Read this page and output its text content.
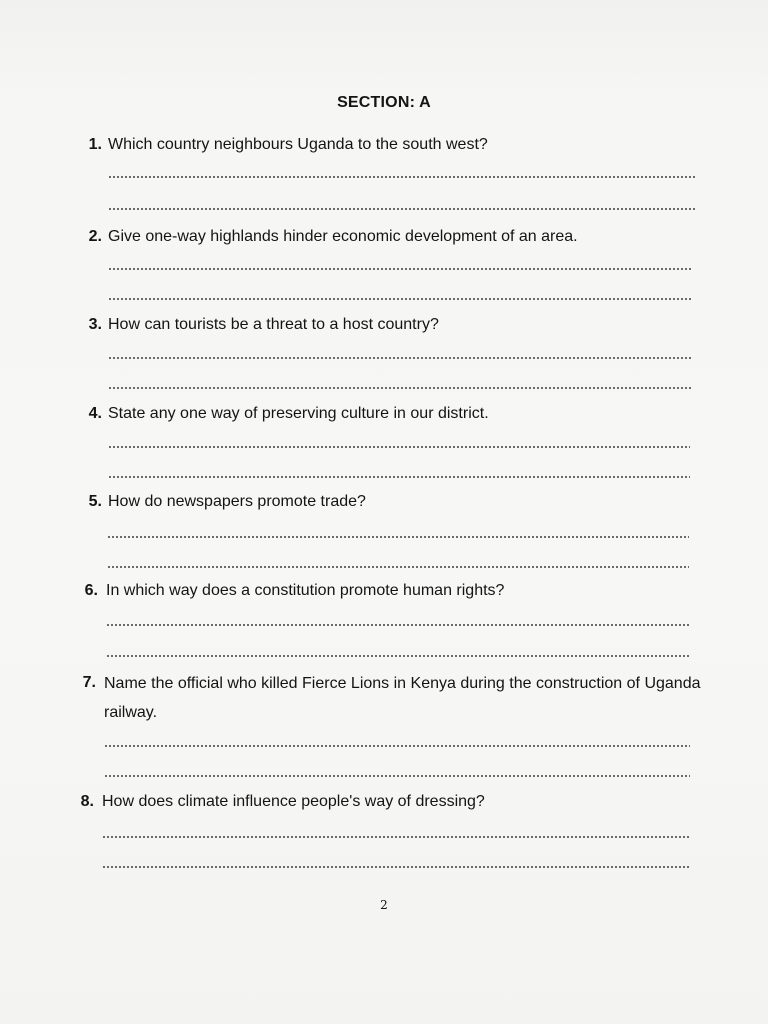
SECTION: A
1. Which country neighbours Uganda to the south west?
2. Give one-way highlands hinder economic development of an area.
3. How can tourists be a threat to a host country?
4. State any one way of preserving culture in our district.
5. How do newspapers promote trade?
6. In which way does a constitution promote human rights?
7. Name the official who killed Fierce Lions in Kenya during the construction of Uganda railway.
8. How does climate influence people's way of dressing?
2
